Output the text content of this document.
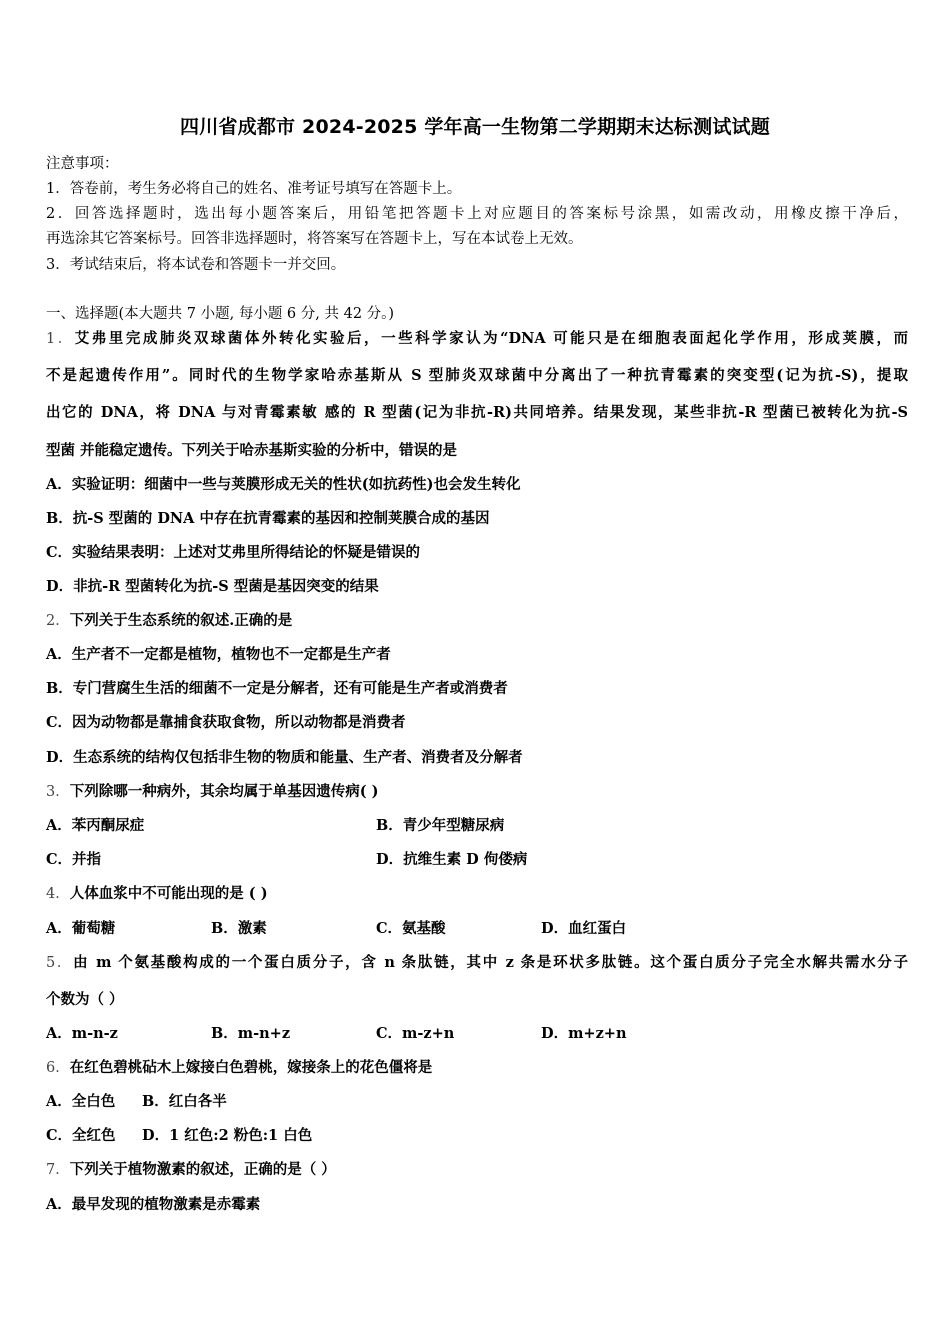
四川省成都市 2024-2025 学年高一生物第二学期期末达标测试试题
注意事项：
1．答卷前，考生务必将自己的姓名、准考证号填写在答题卡上。
2．回答选择题时，选出每小题答案后，用铅笔把答题卡上对应题目的答案标号涂黑，如需改动，用橡皮擦干净后，
再选涂其它答案标号。回答非选择题时，将答案写在答题卡上，写在本试卷上无效。
3．考试结束后，将本试卷和答题卡一并交回。
一、选择题(本大题共 7 小题, 每小题 6 分, 共 42 分。)
1．艾弗里完成肺炎双球菌体外转化实验后，一些科学家认为“DNA 可能只是在细胞表面起化学作用，形成荚膜，而
不是起遗传作用”。同时代的生物学家哈赤基斯从 S 型肺炎双球菌中分离出了一种抗青霉素的突变型(记为抗-S)，提取
出它的 DNA，将 DNA 与对青霉素敏 感的 R 型菌(记为非抗-R)共同培养。结果发现，某些非抗-R 型菌已被转化为抗-S
型菌 并能稳定遗传。下列关于哈赤基斯实验的分析中，错误的是
A．实验证明：细菌中一些与荚膜形成无关的性状(如抗药性)也会发生转化
B．抗-S 型菌的 DNA 中存在抗青霉素的基因和控制荚膜合成的基因
C．实验结果表明：上述对艾弗里所得结论的怀疑是错误的
D．非抗-R 型菌转化为抗-S 型菌是基因突变的结果
2．下列关于生态系统的叙述.正确的是
A．生产者不一定都是植物，植物也不一定都是生产者
B．专门营腐生生活的细菌不一定是分解者，还有可能是生产者或消费者
C．因为动物都是靠捕食获取食物，所以动物都是消费者
D．生态系统的结构仅包括非生物的物质和能量、生产者、消费者及分解者
3．下列除哪一种病外，其余均属于单基因遗传病( )
A．苯丙酮尿症	B．青少年型糖尿病
C．并指	D．抗维生素 D 佝偻病
4．人体血浆中不可能出现的是 ( )
A．葡萄糖	B．激素	C．氨基酸	D．血红蛋白
5．由 m 个氨基酸构成的一个蛋白质分子，含 n 条肽链，其中 z 条是环状多肽链。这个蛋白质分子完全水解共需水分子
个数为（ ）
A．m-n-z	B．m-n+z	C．m-z+n	D．m+z+n
6．在红色碧桃砧木上嫁接白色碧桃，嫁接条上的花色僵将是
A．全白色 B．红白各半
C．全红色 D．1 红色:2 粉色:1 白色
7．下列关于植物激素的叙述，正确的是（ ）
A．最早发现的植物激素是赤霉素
